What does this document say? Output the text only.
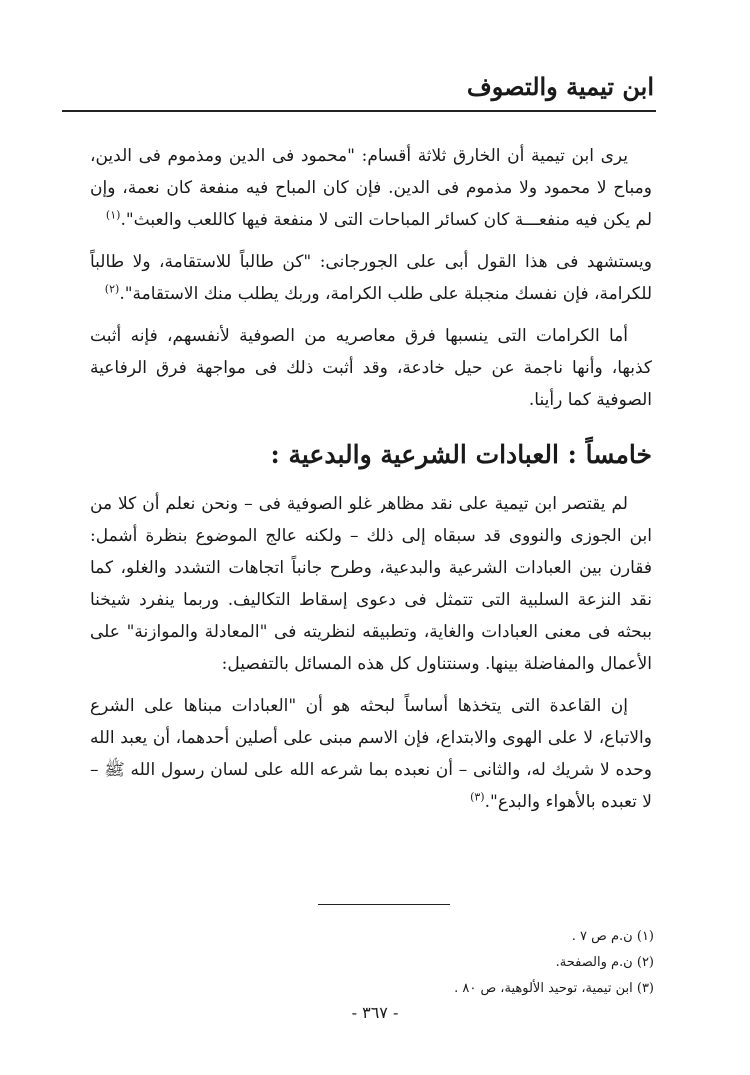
ابن تيمية والتصوف

يرى ابن تيمية أن الخارق ثلاثة أقسام: "محمود فى الدين ومذموم فى الدين، ومباح لا محمود ولا مذموم فى الدين. فإن كان المباح فيه منفعة كان نعمة، وإن لم يكن فيه منفعـــة كان كسائر المباحات التى لا منفعة فيها كاللعب والعبث".$^{(١)}$

ويستشهد فى هذا القول أبى على الجورجانى: "كن طالباً للاستقامة، ولا طالباً للكرامة، فإن نفسك منجبلة على طلب الكرامة، وربك يطلب منك الاستقامة".$^{(٢)}$

أما الكرامات التى ينسبها فرق معاصريه من الصوفية لأنفسهم، فإنه أثبت كذبها، وأنها ناجمة عن حيل خادعة، وقد أثبت ذلك فى مواجهة فرق الرفاعية الصوفية كما رأينا.

خامساً : العبادات الشرعية والبدعية :

لم يقتصر ابن تيمية على نقد مظاهر غلو الصوفية فى – ونحن نعلم أن كلا من ابن الجوزى والنووى قد سبقاه إلى ذلك – ولكنه عالج الموضوع بنظرة أشمل: فقارن بين العبادات الشرعية والبدعية، وطرح جانباً اتجاهات التشدد والغلو، كما نقد النزعة السلبية التى تتمثل فى دعوى إسقاط التكاليف. وربما ينفرد شيخنا ببحثه فى معنى العبادات والغاية، وتطبيقه لنظريته فى "المعادلة والموازنة" على الأعمال والمفاضلة بينها. وسنتناول كل هذه المسائل بالتفصيل:

إن القاعدة التى يتخذها أساساً لبحثه هو أن "العبادات مبناها على الشرع والاتباع، لا على الهوى والابتداع، فإن الاسم مبنى على أصلين أحدهما، أن يعبد الله وحده لا شريك له، والثانى – أن نعبده بما شرعه الله على لسان رسول الله ﷺ – لا تعبده بالأهواء والبدع".$^{(٣)}$

(١) ن.م ص ٧ .
(٢) ن.م والصفحة.
(٣) ابن تيمية، توحيد الألوهية، ص ٨٠ .
- ٣٦٧ -
